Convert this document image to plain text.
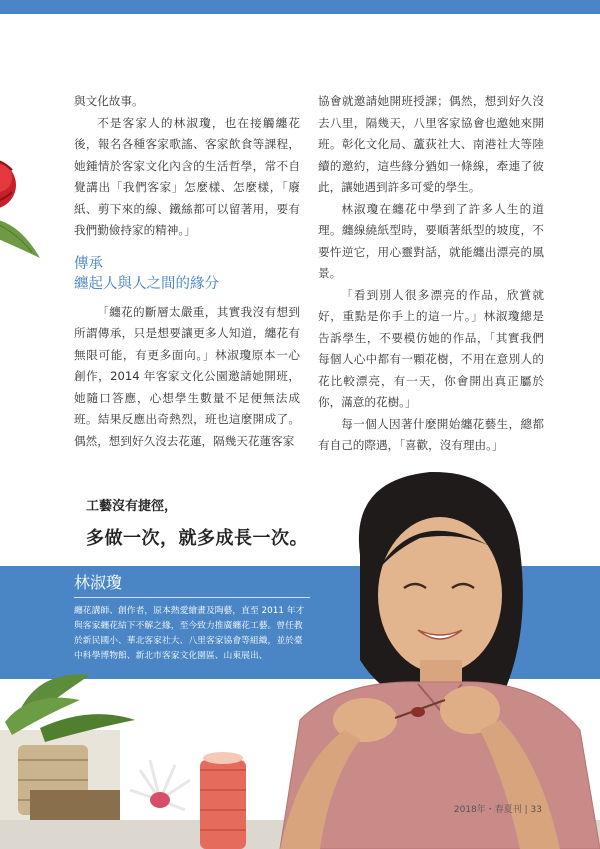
與文化故事。

不是客家人的林淑瓊，也在接觸纏花後，報名各種客家歌謠、客家飲食等課程，她鍾情於客家文化內含的生活哲學，常不自覺講出「我們客家」怎麼樣、怎麼樣，「廢紙、剪下來的線、鐵絲都可以留著用，要有我們勤儉持家的精神。」

傳承
纏起人與人之間的緣分

「纏花的斷層太嚴重，其實我沒有想到所謂傳承，只是想要讓更多人知道，纏花有無限可能，有更多面向。」林淑瓊原本一心創作，2014 年客家文化公園邀請她開班，她隨口答應，心想學生數量不足便無法成班。結果反應出奇熱烈，班也這麼開成了。偶然，想到好久沒去花蓮，隔幾天花蓮客家

協會就邀請她開班授課；偶然，想到好久沒去八里，隔幾天，八里客家協會也邀她來開班。彰化文化局、蘆荻社大、南港社大等陸續的邀約，這些緣分猶如一條線，牽連了彼此，讓她遇到許多可愛的學生。

林淑瓊在纏花中學到了許多人生的道理。纏線繞紙型時，要順著紙型的坡度，不要忤逆它，用心靈對話，就能纏出漂亮的風景。

「看到別人很多漂亮的作品，欣賞就好，重點是你手上的這一片。」林淑瓊總是告訴學生，不要模仿她的作品，「其實我們每個人心中都有一顆花樹，不用在意別人的花比較漂亮，有一天，你會開出真正屬於你，滿意的花樹。」

每一個人因著什麼開始纏花藝生，總都有自己的際遇，「喜歡，沒有理由。」

工藝沒有捷徑，
多做一次，就多成長一次。
林淑瓊
纏花講師、創作者，原本熱愛繪畫及陶藝，直至 2011 年才與客家纏花結下不解之緣，至今致力推廣纏花工藝。曾任教於新民國小、華北客家社大、八里客家協會等組織，並於臺中科學博物館、新北市客家文化園區、山東展出、
2018年・春夏刊 | 33
